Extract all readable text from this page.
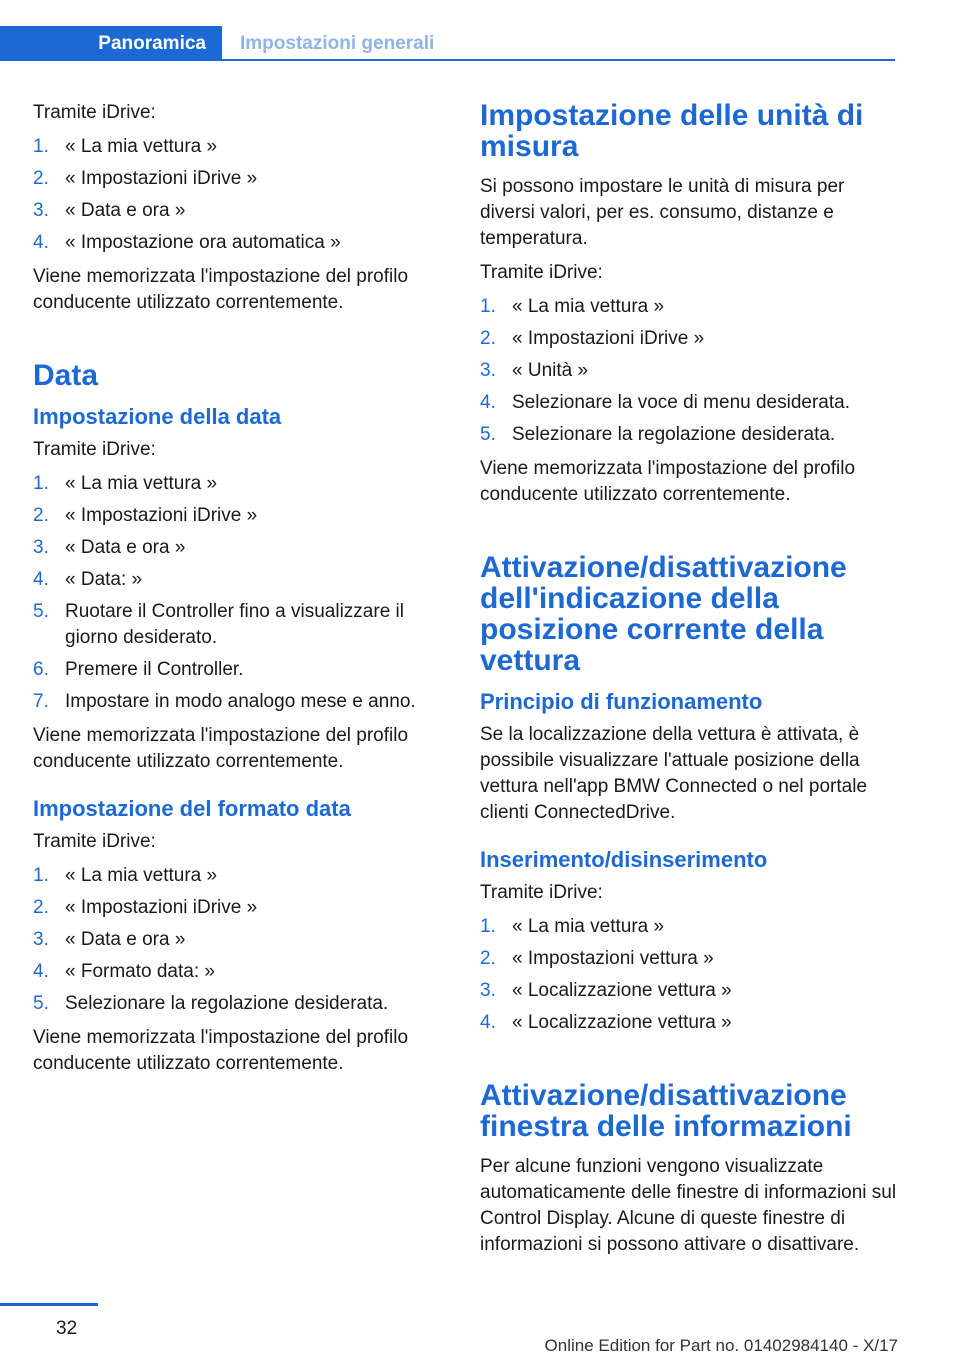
Panoramica	Impostazioni generali

Tramite iDrive:

1. « La mia vettura »
2. « Impostazioni iDrive »
3. « Data e ora »
4. « Impostazione ora automatica »

Viene memorizzata l'impostazione del profilo conducente utilizzato correntemente.

Data
Impostazione della data

Tramite iDrive:

1. « La mia vettura »
2. « Impostazioni iDrive »
3. « Data e ora »
4. « Data: »
5. Ruotare il Controller fino a visualizzare il giorno desiderato.
6. Premere il Controller.
7. Impostare in modo analogo mese e anno.

Viene memorizzata l'impostazione del profilo conducente utilizzato correntemente.

Impostazione del formato data

Tramite iDrive:

1. « La mia vettura »
2. « Impostazioni iDrive »
3. « Data e ora »
4. « Formato data: »
5. Selezionare la regolazione desiderata.

Viene memorizzata l'impostazione del profilo conducente utilizzato correntemente.

Impostazione delle unità di misura

Si possono impostare le unità di misura per diversi valori, per es. consumo, distanze e temperatura.

Tramite iDrive:

1. « La mia vettura »
2. « Impostazioni iDrive »
3. « Unità »
4. Selezionare la voce di menu desiderata.
5. Selezionare la regolazione desiderata.

Viene memorizzata l'impostazione del profilo conducente utilizzato correntemente.

Attivazione/disattivazione dell'indicazione della posizione corrente della vettura
Principio di funzionamento

Se la localizzazione della vettura è attivata, è possibile visualizzare l'attuale posizione della vettura nell'app BMW Connected o nel portale clienti ConnectedDrive.

Inserimento/disinserimento

Tramite iDrive:

1. « La mia vettura »
2. « Impostazioni vettura »
3. « Localizzazione vettura »
4. « Localizzazione vettura »
Attivazione/disattivazione finestra delle informazioni

Per alcune funzioni vengono visualizzate automaticamente delle finestre di informazioni sul Control Display. Alcune di queste finestre di informazioni si possono attivare o disattivare.

32
Online Edition for Part no. 01402984140 - X/17
